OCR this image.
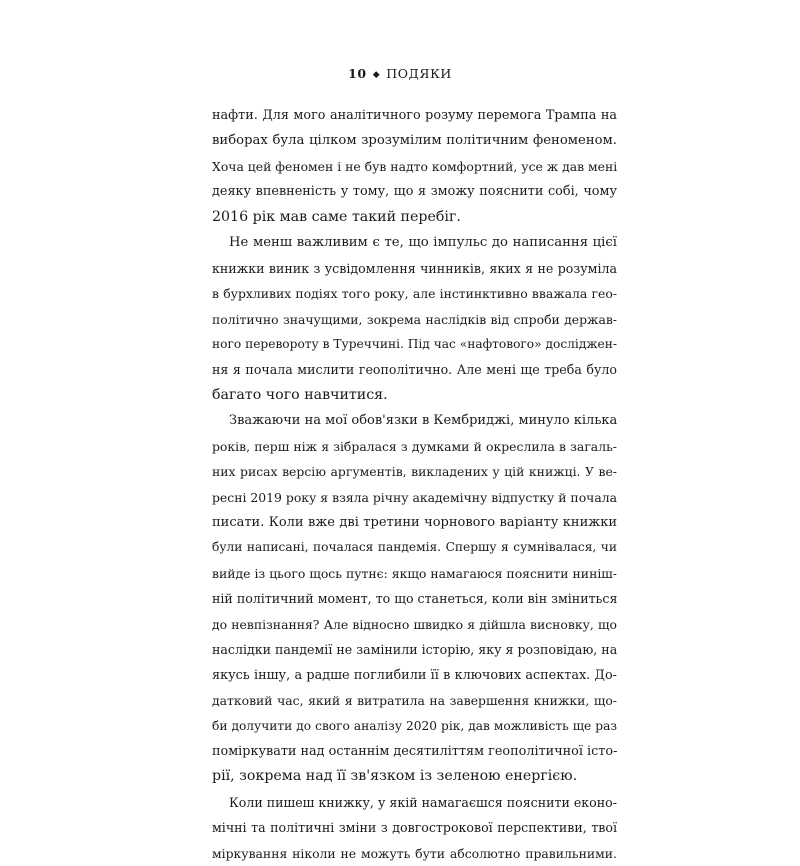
10 ◆ ПОДЯКИ
нафти. Для мого аналітичного розуму перемога Трампа на
виборах була цілком зрозумілим політичним феноменом.
Хоча цей феномен і не був надто комфортний, усе ж дав мені
деяку впевненість у тому, що я зможу пояснити собі, чому
2016 рік мав саме такий перебіг.
Не менш важливим є те, що імпульс до написання цієї
книжки виник з усвідомлення чинників, яких я не розуміла
в бурхливих подіях того року, але інстинктивно вважала гео-
політично значущими, зокрема наслідків від спроби держав-
ного перевороту в Туреччині. Під час «нафтового» досліджен-
ня я почала мислити геополітично. Але мені ще треба було
багато чого навчитися.
Зважаючи на мої обов'язки в Кембриджі, минуло кілька
років, перш ніж я зібралася з думками й окреслила в загаль-
них рисах версію аргументів, викладених у цій книжці. У ве-
ресні 2019 року я взяла річну академічну відпустку й почала
писати. Коли вже дві третини чорнового варіанту книжки
були написані, почалася пандемія. Спершу я сумнівалася, чи
вийде із цього щось путнє: якщо намагаюся пояснити ниніш-
ній політичний момент, то що станеться, коли він зміниться
до невпізнання? Але відносно швидко я дійшла висновку, що
наслідки пандемії не замінили історію, яку я розповідаю, на
якусь іншу, а радше поглибили її в ключових аспектах. До-
датковий час, який я витратила на завершення книжки, що-
би долучити до свого аналізу 2020 рік, дав можливість ще раз
поміркувати над останнім десятиліттям геополітичної істо-
рії, зокрема над її зв'язком із зеленою енергією.
Коли пишеш книжку, у якій намагаєшся пояснити еконо-
мічні та політичні зміни з довгострокової перспективи, твої
міркування ніколи не можуть бути абсолютно правильними.
